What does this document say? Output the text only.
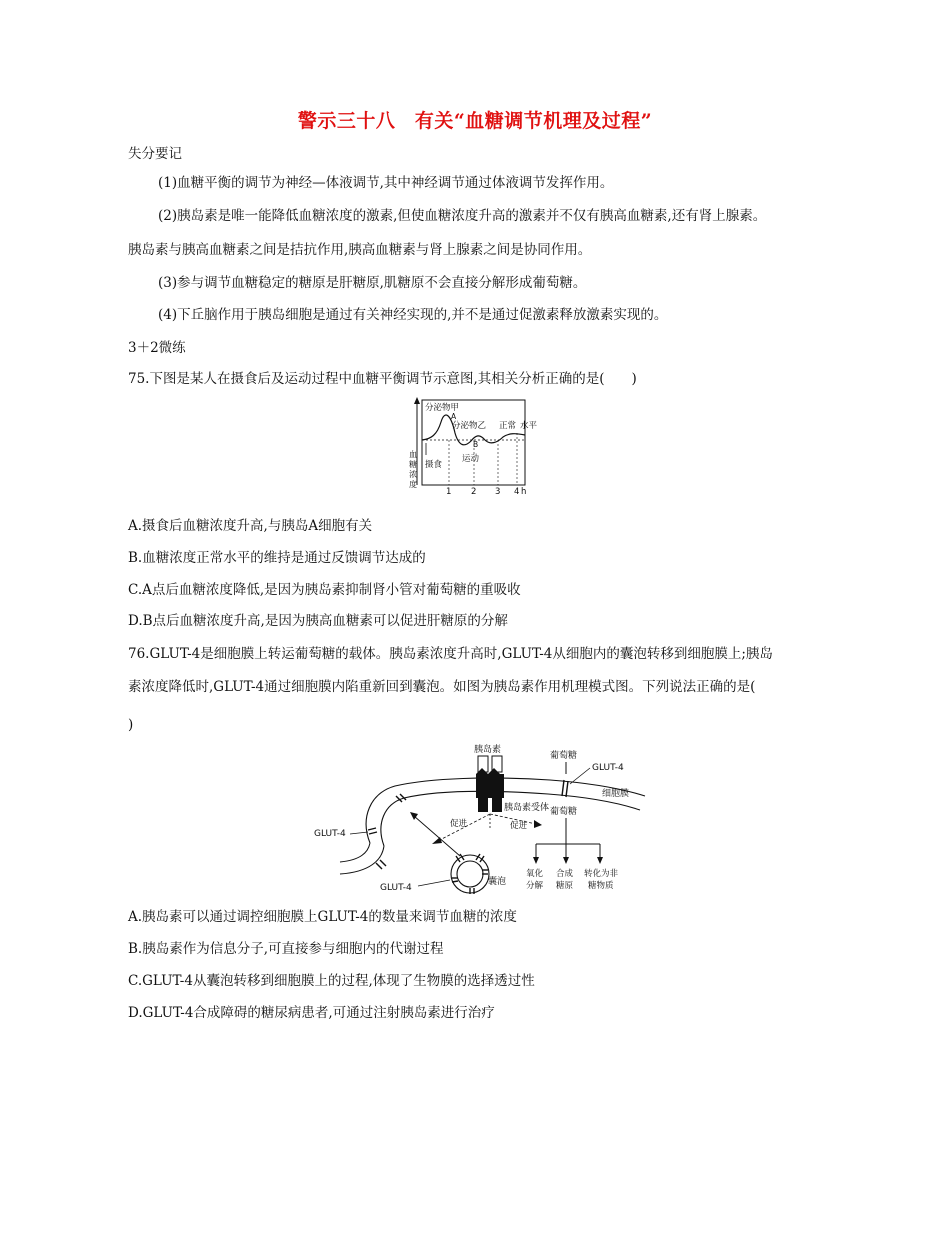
警示三十八　有关“血糖调节机理及过程”
失分要记
(1)血糖平衡的调节为神经—体液调节,其中神经调节通过体液调节发挥作用。
(2)胰岛素是唯一能降低血糖浓度的激素,但使血糖浓度升高的激素并不仅有胰高血糖素,还有肾上腺素。
胰岛素与胰高血糖素之间是拮抗作用,胰高血糖素与肾上腺素之间是协同作用。
(3)参与调节血糖稳定的糖原是肝糖原,肌糖原不会直接分解形成葡萄糖。
(4)下丘脑作用于胰岛细胞是通过有关神经实现的,并不是通过促激素释放激素实现的。
3＋2微练
75.下图是某人在摄食后及运动过程中血糖平衡调节示意图,其相关分析正确的是(　　)
血
糖
浓
度
分泌物甲
分泌物乙 正常 水平
A
B
摄食
运动
1 2 3 4 h
A.摄食后血糖浓度升高,与胰岛A细胞有关
B.血糖浓度正常水平的维持是通过反馈调节达成的
C.A点后血糖浓度降低,是因为胰岛素抑制肾小管对葡萄糖的重吸收
D.B点后血糖浓度升高,是因为胰高血糖素可以促进肝糖原的分解
76.GLUT-4是细胞膜上转运葡萄糖的载体。胰岛素浓度升高时,GLUT-4从细胞内的囊泡转移到细胞膜上;胰岛
素浓度降低时,GLUT-4通过细胞膜内陷重新回到囊泡。如图为胰岛素作用机理模式图。下列说法正确的是(
)
胰岛素
胰岛素受体
葡萄糖
GLUT-4
细胞膜
葡萄糖
促进	促进
囊泡
GLUT-4
GLUT-4
氧化
分解
合成
糖原
转化为非
糖物质
A.胰岛素可以通过调控细胞膜上GLUT-4的数量来调节血糖的浓度
B.胰岛素作为信息分子,可直接参与细胞内的代谢过程
C.GLUT-4从囊泡转移到细胞膜上的过程,体现了生物膜的选择透过性
D.GLUT-4合成障碍的糖尿病患者,可通过注射胰岛素进行治疗
